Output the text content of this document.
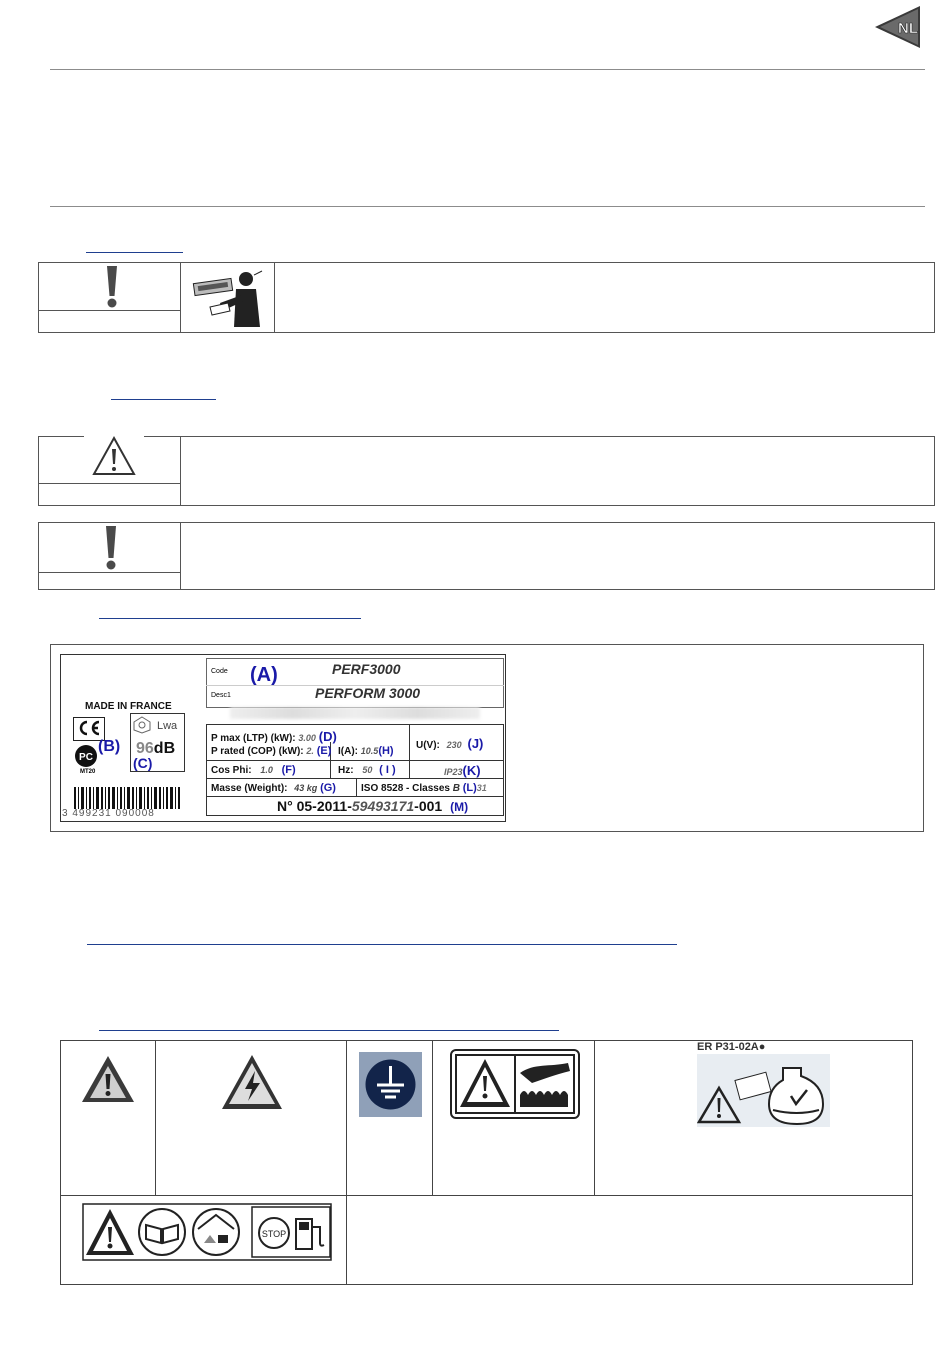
NL
MADE IN FRANCE
PC
MT20
(B)
Lwa
96dB
(C)
3 499231 090008
Code (A)	PERF3000
Desc1	PERFORM 3000
P max (LTP) (kW): 3.00 (D)
P rated (COP) (kW): 2. (E) I(A): 10.5(H) U(V): 230 (J)
Cos Phi: 1.0 (F)	Hz: 50 ( I )	IP23(K)
Masse (Weight): 43 kg (G)	ISO 8528 - Classes B (L)31
N° 05-2011-59493171-001 (M)
ER P31-02A●
STOP
